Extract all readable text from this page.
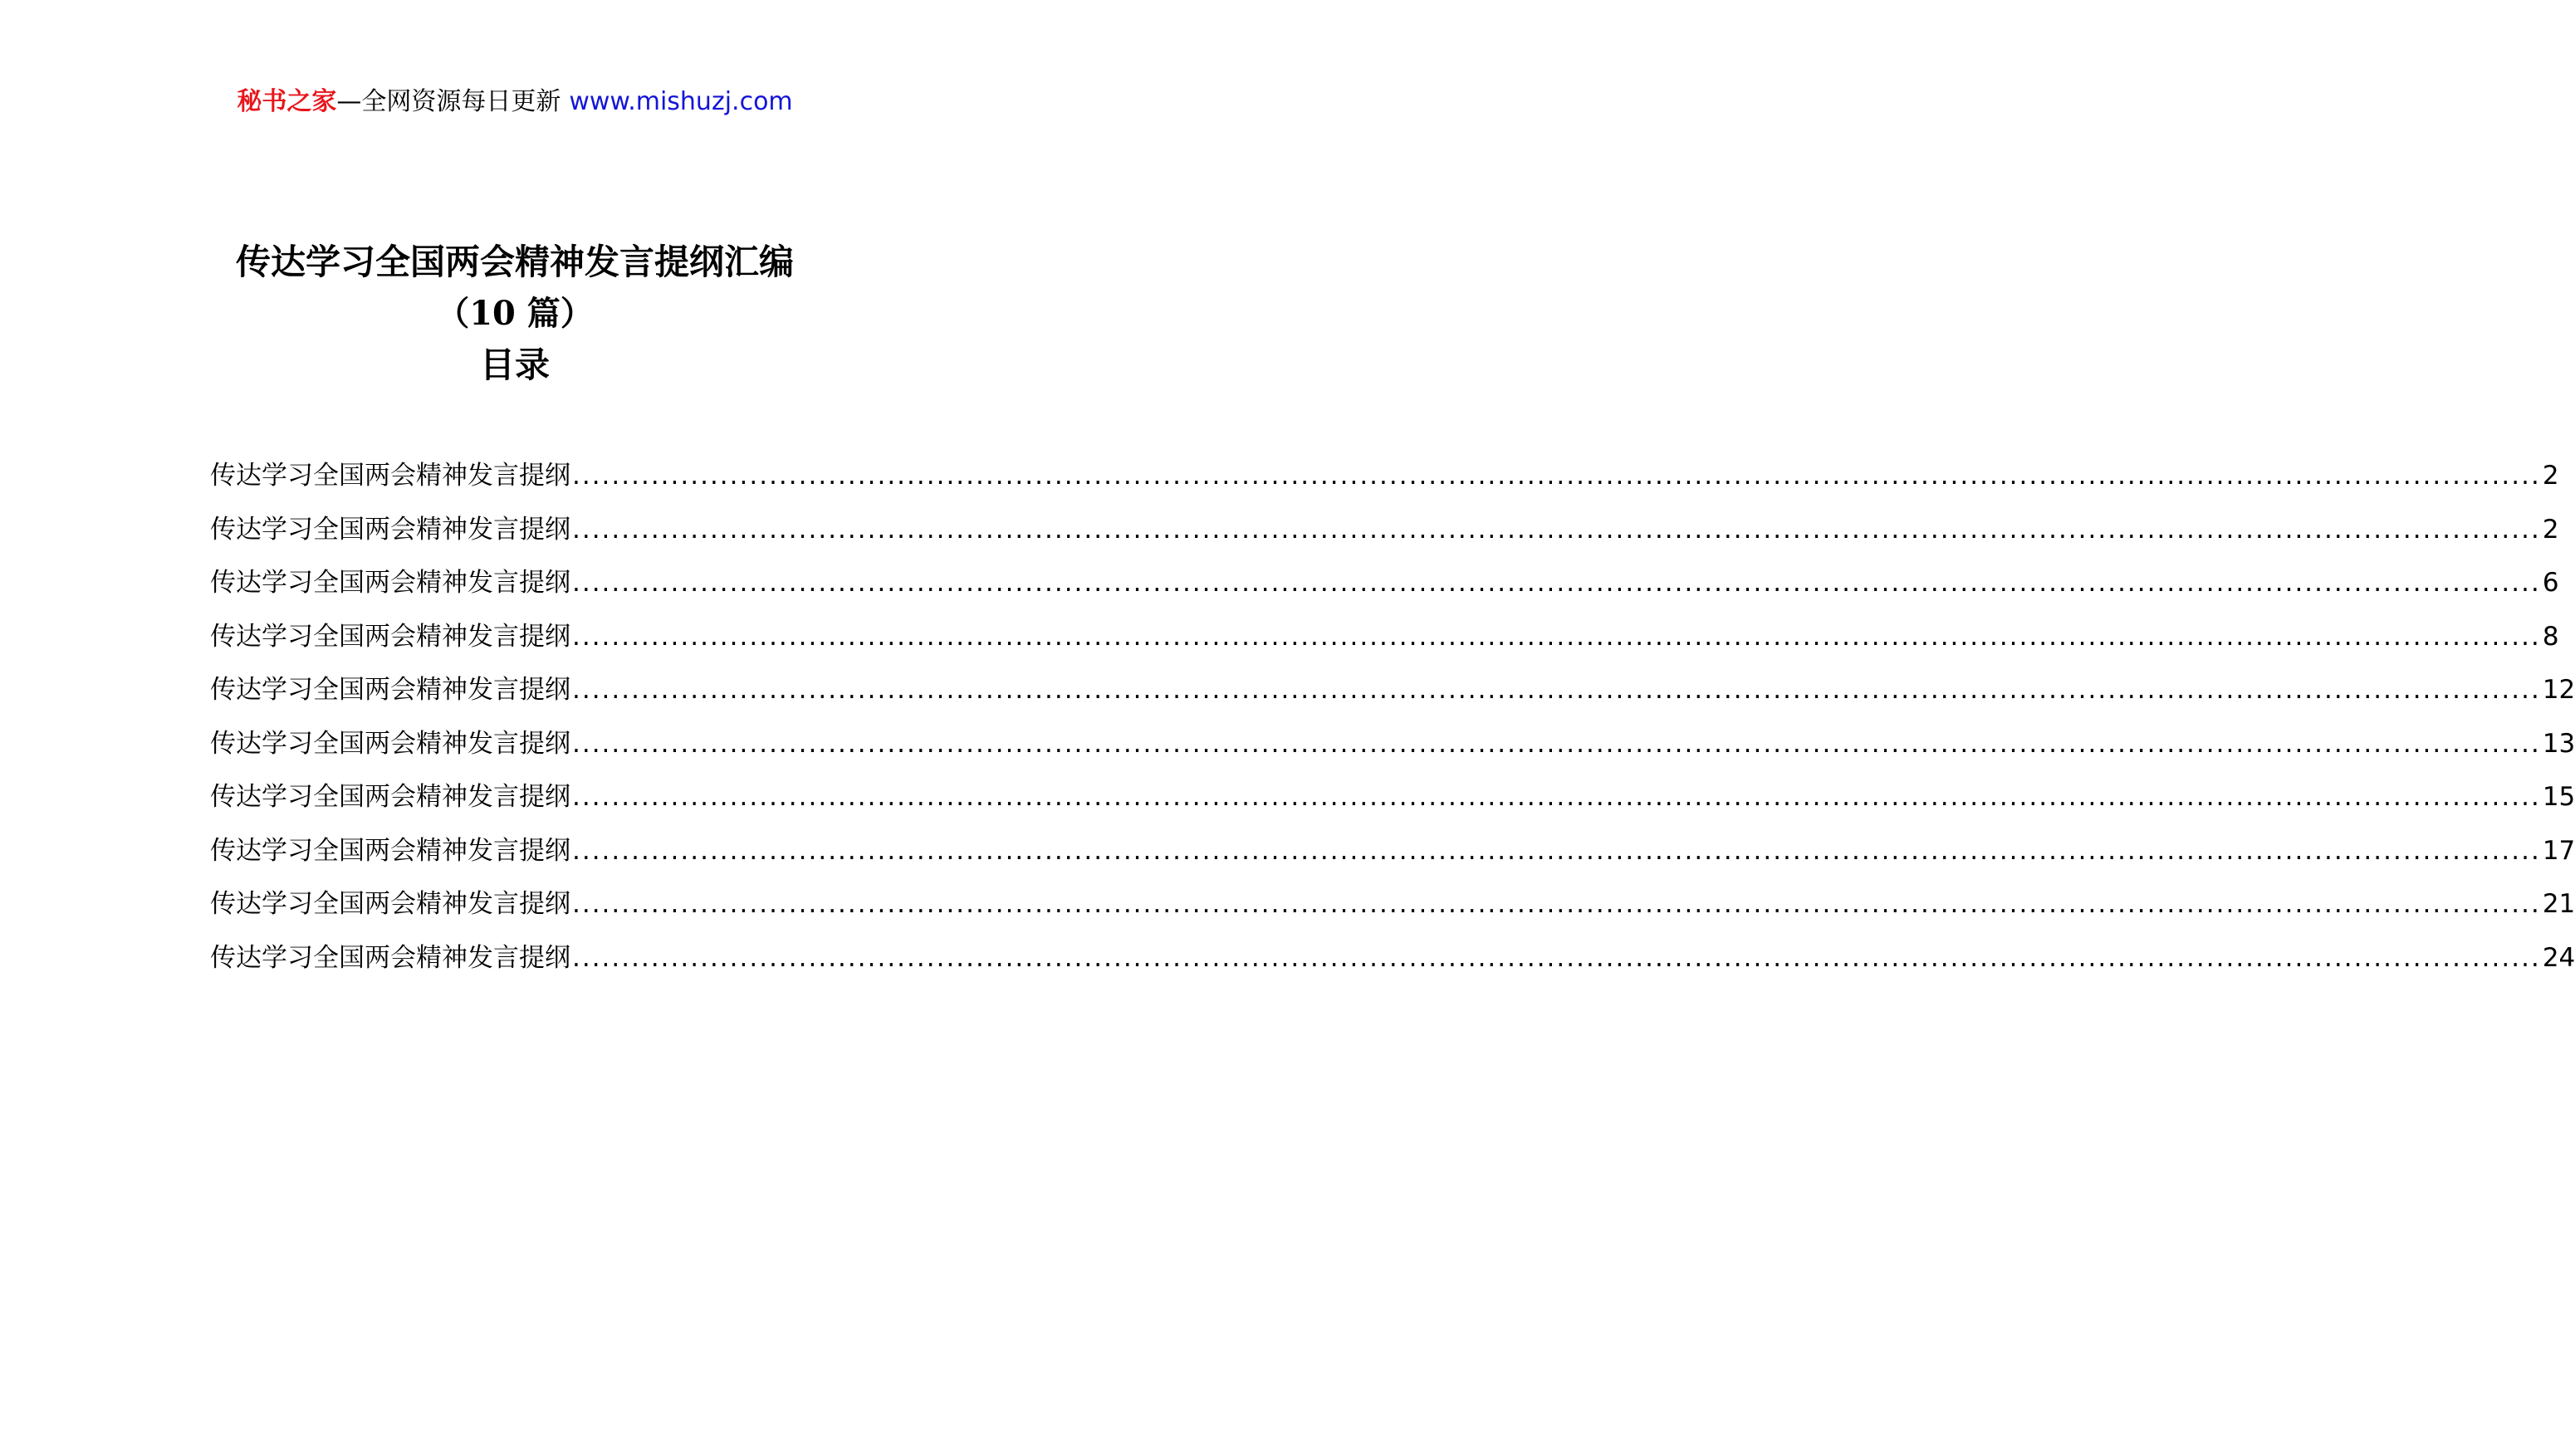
秘书之家—全网资源每日更新 www.mishuzj.com
传达学习全国两会精神发言提纲汇编
（10 篇）
目录
传达学习全国两会精神发言提纲 ........................................................................................................................................................................................................ 2
传达学习全国两会精神发言提纲 ........................................................................................................................................................................................................ 2
传达学习全国两会精神发言提纲 ........................................................................................................................................................................................................ 6
传达学习全国两会精神发言提纲 ........................................................................................................................................................................................................ 8
传达学习全国两会精神发言提纲 ........................................................................................................................................................................................................ 12
传达学习全国两会精神发言提纲 ........................................................................................................................................................................................................ 13
传达学习全国两会精神发言提纲 ........................................................................................................................................................................................................ 15
传达学习全国两会精神发言提纲 ........................................................................................................................................................................................................ 17
传达学习全国两会精神发言提纲 ........................................................................................................................................................................................................ 21
传达学习全国两会精神发言提纲 ........................................................................................................................................................................................................ 24
